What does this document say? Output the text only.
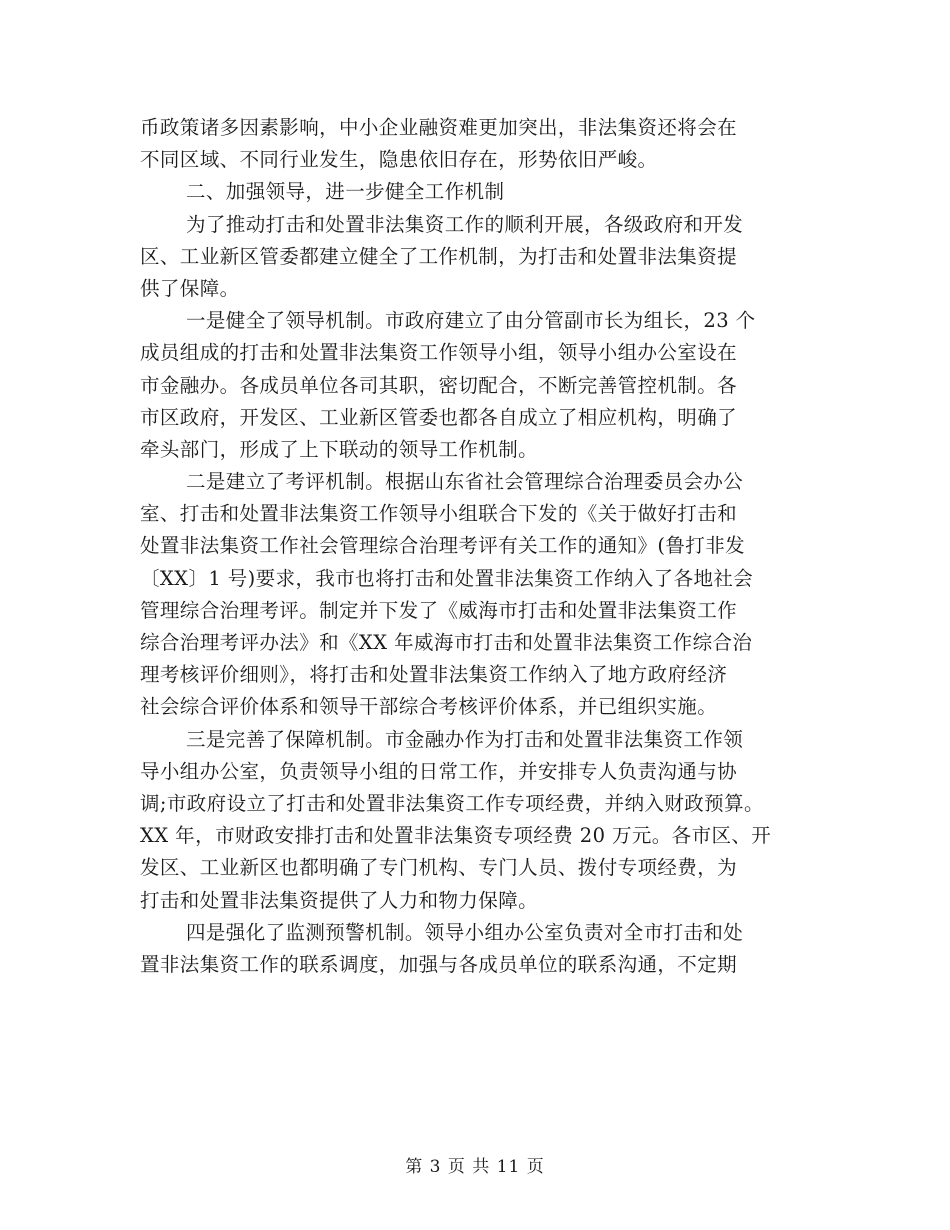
币政策诸多因素影响，中小企业融资难更加突出，非法集资还将会在

不同区域、不同行业发生，隐患依旧存在，形势依旧严峻。

二、加强领导，进一步健全工作机制

为了推动打击和处置非法集资工作的顺利开展，各级政府和开发

区、工业新区管委都建立健全了工作机制，为打击和处置非法集资提

供了保障。

一是健全了领导机制。市政府建立了由分管副市长为组长，23 个

成员组成的打击和处置非法集资工作领导小组，领导小组办公室设在

市金融办。各成员单位各司其职，密切配合，不断完善管控机制。各

市区政府，开发区、工业新区管委也都各自成立了相应机构，明确了

牵头部门，形成了上下联动的领导工作机制。

二是建立了考评机制。根据山东省社会管理综合治理委员会办公

室、打击和处置非法集资工作领导小组联合下发的《关于做好打击和

处置非法集资工作社会管理综合治理考评有关工作的通知》(鲁打非发

〔XX〕1 号)要求，我市也将打击和处置非法集资工作纳入了各地社会

管理综合治理考评。制定并下发了《威海市打击和处置非法集资工作

综合治理考评办法》和《XX 年威海市打击和处置非法集资工作综合治

理考核评价细则》，将打击和处置非法集资工作纳入了地方政府经济

社会综合评价体系和领导干部综合考核评价体系，并已组织实施。

三是完善了保障机制。市金融办作为打击和处置非法集资工作领

导小组办公室，负责领导小组的日常工作，并安排专人负责沟通与协

调;市政府设立了打击和处置非法集资工作专项经费，并纳入财政预算。

XX 年，市财政安排打击和处置非法集资专项经费 20 万元。各市区、开

发区、工业新区也都明确了专门机构、专门人员、拨付专项经费，为

打击和处置非法集资提供了人力和物力保障。

四是强化了监测预警机制。领导小组办公室负责对全市打击和处

置非法集资工作的联系调度，加强与各成员单位的联系沟通，不定期

第 3 页 共 11 页
